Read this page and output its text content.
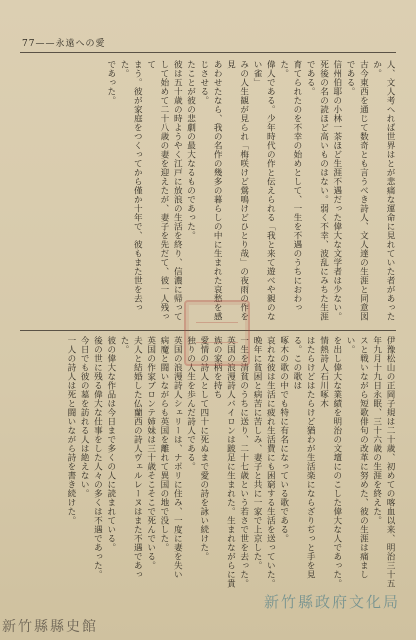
77——永遠への愛
人、文人考へれば世界はとが悲痛な運命に見れていた者があったか。
古今東西を通じて数奇とも言うべき詩人、文人達の生涯と同意図である。
信州伯耶の小林一茶ほど生涯不遇だった偉大な文学者は少ない。
死後の名の読ほど高いものはない。弱く不幸、波乱にみちた生涯である。
育てられたのを不幸の始めとして、一生を不遇のうちにおわった。
偉人である。少年時代の作と伝えられる「我と来て遊べや親のない雀」
みの人生観が見られ「梅咲けど鶯鳴けどひとり哉」の夜雨の作を見
あわせたなら、我の名作の幾多の暮らしの中に生まれた哀愁を感じさせる。
たことが彼の悲劇の最大なるものであった。
彼は五十歳の時ようやく江戸に放浪の生活を終り、信濃に帰って
して始めて二十八歳の妻を迎えたが、妻子を先だて、彼一人残って
まう。彼が家庭をつくってから僅か十年で、彼もまた世を去った。
であった。
伊豫松山の正岡子規は二十歳、初めての喀血以来、明治三十五
年九月十九日永眠、三十六歳の生涯を終えた。
スと戦いながら短歌俳句の改革に努めた、彼の生涯は痛ましい。
を出し偉大な業績を明治の文壇にのこした偉大な人であった。
情熱詩人石川啄木
はたらけどはたらけど猶わが生活楽にならざりぢっと手を見る。この歌は
啄木の歌の中でも特に有名になっている歌である。
哀れな彼は生活に疲れ生活費にも困窮する生活を送っていた。
晩年に貧困と病苦に苦しみ、妻子と共に一家で上京した。
一生を清貧のうちに送り、二十七歳という若さで世を去った。
英国の浪漫詩人バイロンは跛足に生まれた。生まれながらに貴族の家柄を持ち
愛情の詩人として四十に死ぬまで愛の詩を詠い続けた。
独りの人生を歩んだ詩人である。
英国の浪漫詩人シェリーは、ナポリに住み、一度に妻を失い
病魔と闘いながらも英国を離れて異国の地で没した。
英国の作家ブロンテ姉妹は三十歳そこそこで死んでいる。
夫人と結婚した仏蘭西の詩人ヴェルレーヌはまた不遇であった。
彼の偉大な作品は今日まで多くの人に読まれている。
後の世に残る偉大な仕事をした人々の多くは不遇であった。
今日でも彼の墓を訪れる人は絶えない。
一人の詩人は死と闘いながら詩を書き続けた。
新竹縣政府文化局
新竹縣縣史館
